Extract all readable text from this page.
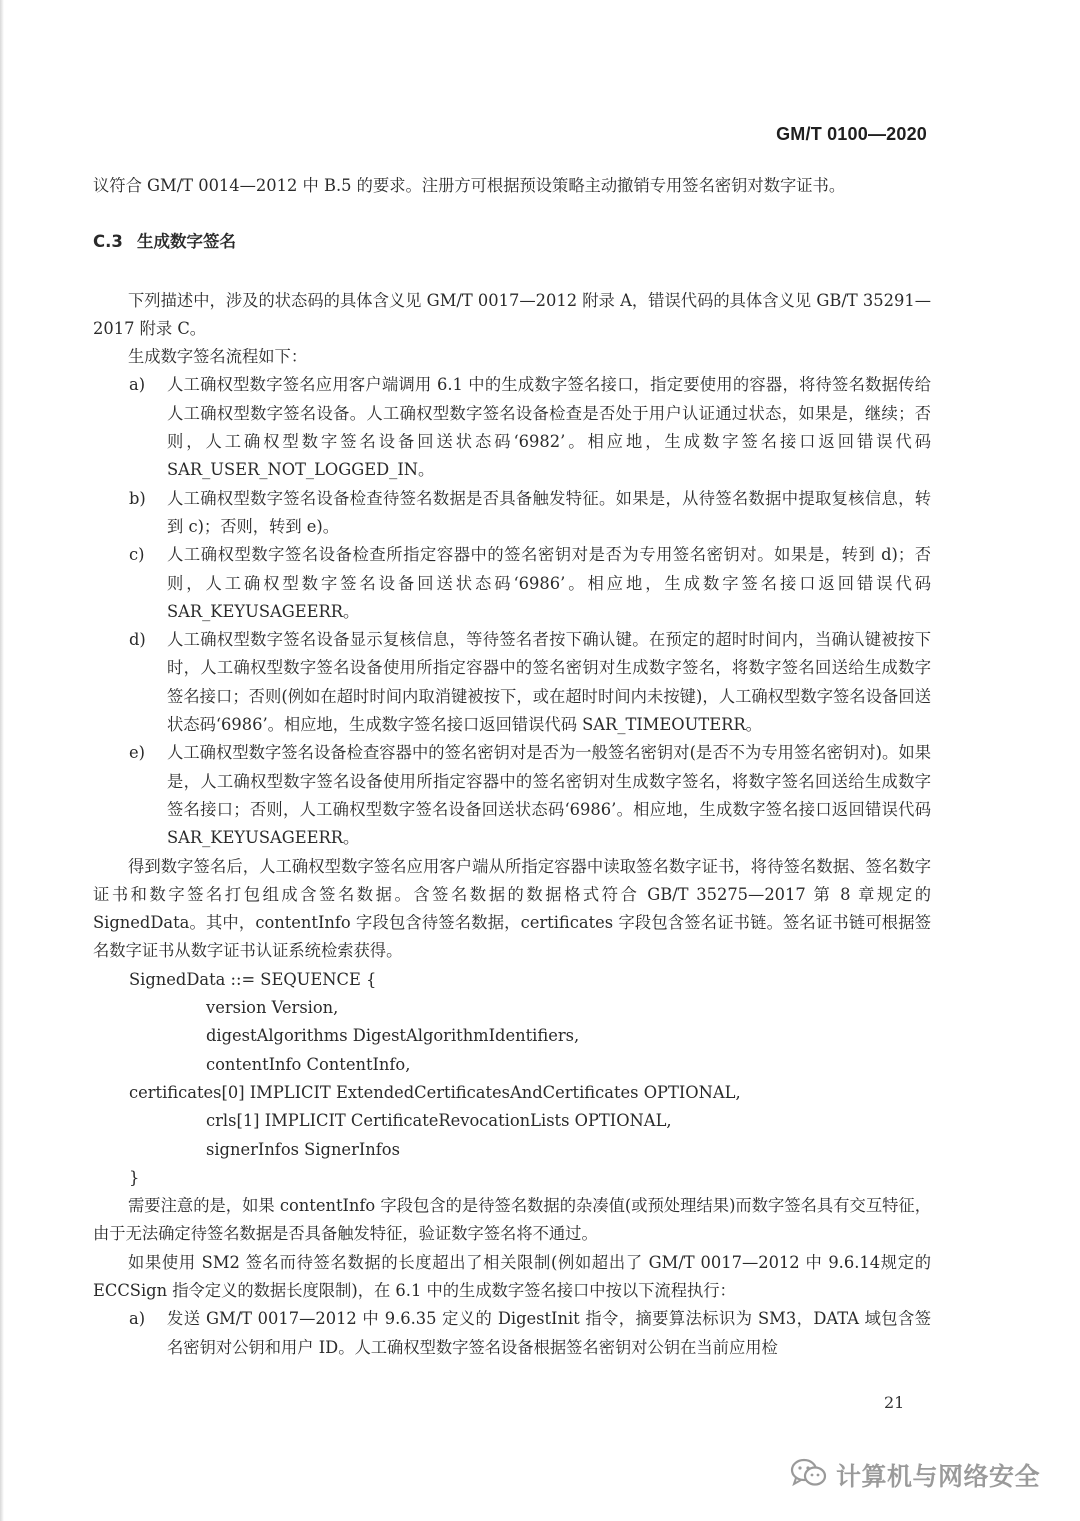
GM/T 0100—2020

议符合 GM/T 0014—2012 中 B.5 的要求。注册方可根据预设策略主动撤销专用签名密钥对数字证书。

C.3 生成数字签名

下列描述中，涉及的状态码的具体含义见 GM/T 0017—2012 附录 A，错误代码的具体含义见 GB/T 35291—2017 附录 C。

生成数字签名流程如下：

a) 人工确权型数字签名应用客户端调用 6.1 中的生成数字签名接口，指定要使用的容器，将待签名数据传给人工确权型数字签名设备。人工确权型数字签名设备检查是否处于用户认证通过状态，如果是，继续；否则，人工确权型数字签名设备回送状态码‘6982’。相应地，生成数字签名接口返回错误代码 SAR_USER_NOT_LOGGED_IN。
b) 人工确权型数字签名设备检查待签名数据是否具备触发特征。如果是，从待签名数据中提取复核信息，转到 c)；否则，转到 e)。
c) 人工确权型数字签名设备检查所指定容器中的签名密钥对是否为专用签名密钥对。如果是，转到 d)；否则，人工确权型数字签名设备回送状态码‘6986’。相应地，生成数字签名接口返回错误代码 SAR_KEYUSAGEERR。
d) 人工确权型数字签名设备显示复核信息，等待签名者按下确认键。在预定的超时时间内，当确认键被按下时，人工确权型数字签名设备使用所指定容器中的签名密钥对生成数字签名，将数字签名回送给生成数字签名接口；否则(例如在超时时间内取消键被按下，或在超时时间内未按键)，人工确权型数字签名设备回送状态码‘6986’。相应地，生成数字签名接口返回错误代码 SAR_TIMEOUTERR。
e) 人工确权型数字签名设备检查容器中的签名密钥对是否为一般签名密钥对(是否不为专用签名密钥对)。如果是，人工确权型数字签名设备使用所指定容器中的签名密钥对生成数字签名，将数字签名回送给生成数字签名接口；否则，人工确权型数字签名设备回送状态码‘6986’。相应地，生成数字签名接口返回错误代码 SAR_KEYUSAGEERR。

得到数字签名后，人工确权型数字签名应用客户端从所指定容器中读取签名数字证书，将待签名数据、签名数字证书和数字签名打包组成含签名数据。含签名数据的数据格式符合 GB/T 35275—2017 第 8 章规定的 SignedData。其中，contentInfo 字段包含待签名数据，certificates 字段包含签名证书链。签名证书链可根据签名数字证书从数字证书认证系统检索获得。

SignedData ::= SEQUENCE {

version Version,

digestAlgorithms DigestAlgorithmIdentifiers,

contentInfo ContentInfo,

certificates[0] IMPLICIT ExtendedCertificatesAndCertificates OPTIONAL,

crls[1] IMPLICIT CertificateRevocationLists OPTIONAL,

signerInfos SignerInfos

}

需要注意的是，如果 contentInfo 字段包含的是待签名数据的杂凑值(或预处理结果)而数字签名具有交互特征，由于无法确定待签名数据是否具备触发特征，验证数字签名将不通过。

如果使用 SM2 签名而待签名数据的长度超出了相关限制(例如超出了 GM/T 0017—2012 中 9.6.14规定的 ECCSign 指令定义的数据长度限制)，在 6.1 中的生成数字签名接口中按以下流程执行：

a) 发送 GM/T 0017—2012 中 9.6.35 定义的 DigestInit 指令，摘要算法标识为 SM3，DATA 域包含签名密钥对公钥和用户 ID。人工确权型数字签名设备根据签名密钥对公钥在当前应用检
21
计算机与网络安全
